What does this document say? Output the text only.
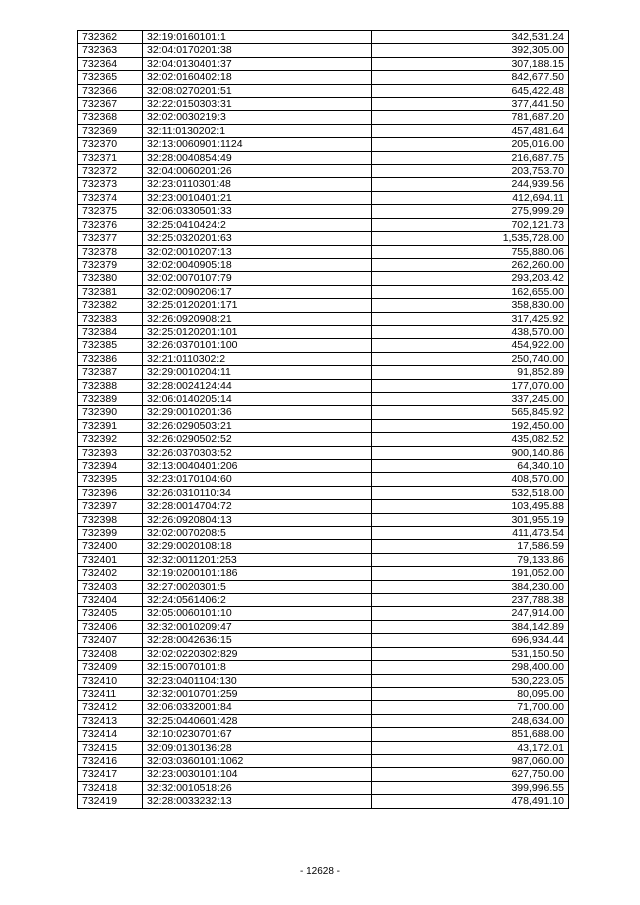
732362	32:19:0160101:1	342,531.24
732363	32:04:0170201:38	392,305.00
732364	32:04:0130401:37	307,188.15
732365	32:02:0160402:18	842,677.50
732366	32:08:0270201:51	645,422.48
732367	32:22:0150303:31	377,441.50
732368	32:02:0030219:3	781,687.20
732369	32:11:0130202:1	457,481.64
732370	32:13:0060901:1124	205,016.00
732371	32:28:0040854:49	216,687.75
732372	32:04:0060201:26	203,753.70
732373	32:23:0110301:48	244,939.56
732374	32:23:0010401:21	412,694.11
732375	32:06:0330501:33	275,999.29
732376	32:25:0410424:2	702,121.73
732377	32:25:0320201:63	1,535,728.00
732378	32:02:0010207:13	755,880.06
732379	32:02:0040905:18	262,260.00
732380	32:02:0070107:79	293,203.42
732381	32:02:0090206:17	162,655.00
732382	32:25:0120201:171	358,830.00
732383	32:26:0920908:21	317,425.92
732384	32:25:0120201:101	438,570.00
732385	32:26:0370101:100	454,922.00
732386	32:21:0110302:2	250,740.00
732387	32:29:0010204:11	91,852.89
732388	32:28:0024124:44	177,070.00
732389	32:06:0140205:14	337,245.00
732390	32:29:0010201:36	565,845.92
732391	32:26:0290503:21	192,450.00
732392	32:26:0290502:52	435,082.52
732393	32:26:0370303:52	900,140.86
732394	32:13:0040401:206	64,340.10
732395	32:23:0170104:60	408,570.00
732396	32:26:0310110:34	532,518.00
732397	32:28:0014704:72	103,495.88
732398	32:26:0920804:13	301,955.19
732399	32:02:0070208:5	411,473.54
732400	32:29:0020108:18	17,586.59
732401	32:32:0011201:253	79,133.86
732402	32:19:0200101:186	191,052.00
732403	32:27:0020301:5	384,230.00
732404	32:24:0561406:2	237,788.38
732405	32:05:0060101:10	247,914.00
732406	32:32:0010209:47	384,142.89
732407	32:28:0042636:15	696,934.44
732408	32:02:0220302:829	531,150.50
732409	32:15:0070101:8	298,400.00
732410	32:23:0401104:130	530,223.05
732411	32:32:0010701:259	80,095.00
732412	32:06:0332001:84	71,700.00
732413	32:25:0440601:428	248,634.00
732414	32:10:0230701:67	851,688.00
732415	32:09:0130136:28	43,172.01
732416	32:03:0360101:1062	987,060.00
732417	32:23:0030101:104	627,750.00
732418	32:32:0010518:26	399,996.55
732419	32:28:0033232:13	478,491.10
- 12628 -
